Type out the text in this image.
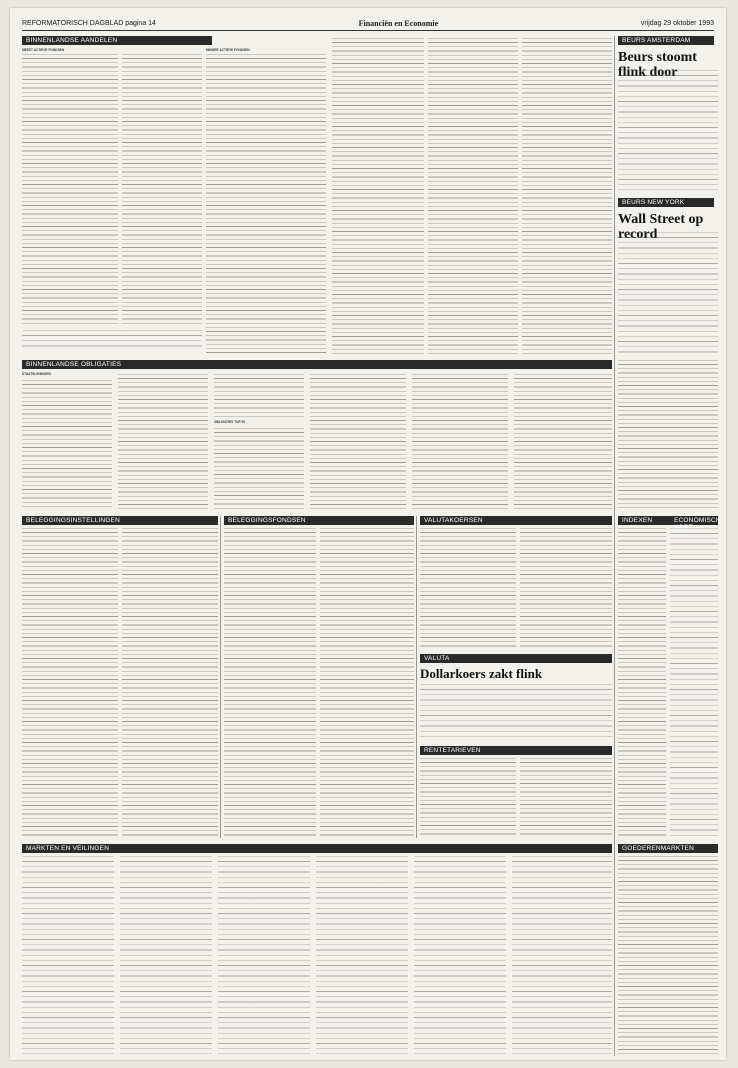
REFORMATORISCH DAGBLAD pagina 14	Financiën en Economie	vrijdag 29 oktober 1993
BINNENLANDSE AANDELEN
MEEST ACTIEVE FONDSEN	MINDER ACTIEVE FONDSEN
BEURS AMSTERDAM
Beurs stoomt flink door
BEURS NEW YORK
Wall Street op record
BINNENLANDSE OBLIGATIES
STAATSLENINGEN
OBLIGATIES TOP 50
BELEGGINGSINSTELLINGEN	BELEGGINGSFONDSEN	VALUTAKOERSEN
VALUTA
Dollarkoers zakt flink
RENTETARIEVEN
INDEXEN	ECONOMISCH KORT
MARKTEN EN VEILINGEN	GOEDERENMARKTEN
